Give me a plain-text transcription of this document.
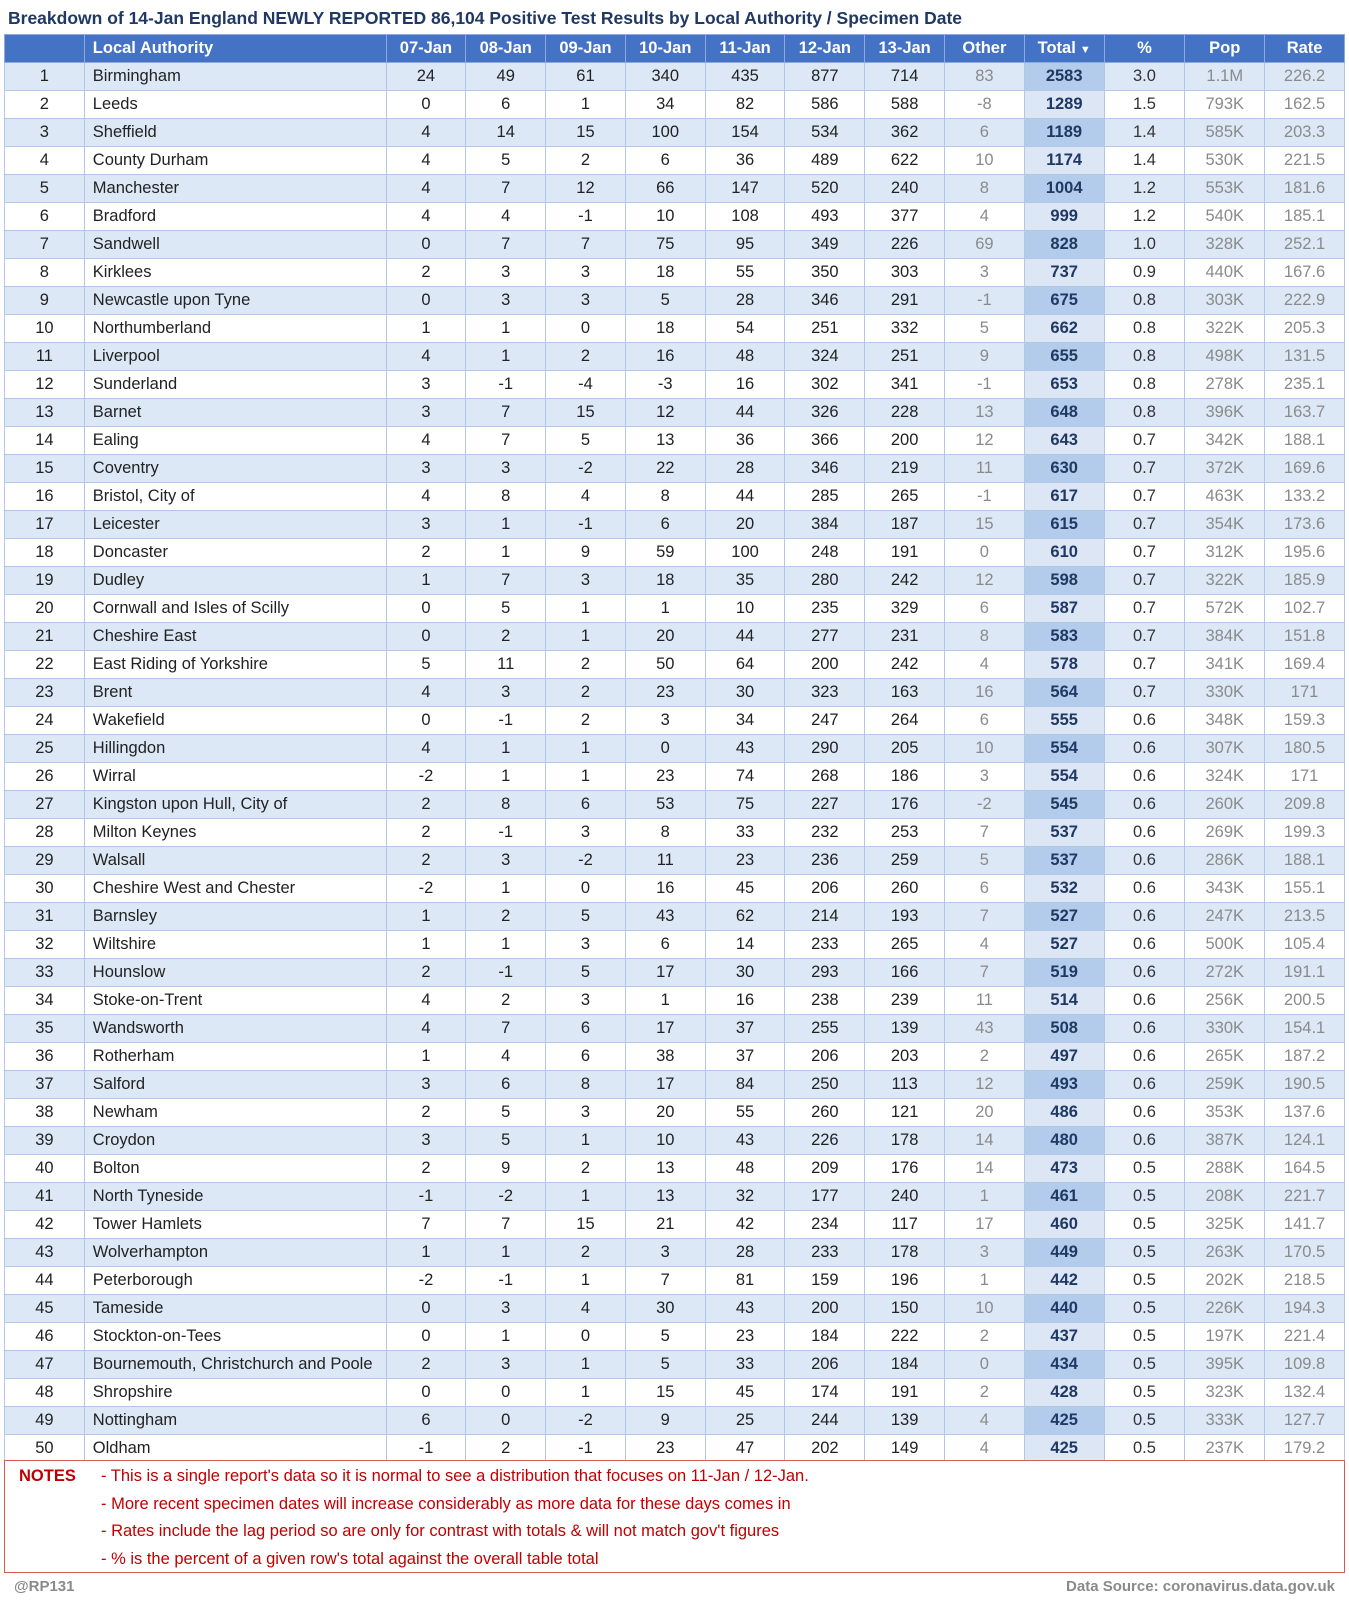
Breakdown of 14-Jan England NEWLY REPORTED 86,104 Positive Test Results by Local Authority / Specimen Date
	Local Authority	07-Jan	08-Jan	09-Jan	10-Jan	11-Jan	12-Jan	13-Jan	Other	Total ▼	%	Pop	Rate
1	Birmingham	24	49	61	340	435	877	714	83	2583	3.0	1.1M	226.2
2	Leeds	0	6	1	34	82	586	588	-8	1289	1.5	793K	162.5
3	Sheffield	4	14	15	100	154	534	362	6	1189	1.4	585K	203.3
4	County Durham	4	5	2	6	36	489	622	10	1174	1.4	530K	221.5
5	Manchester	4	7	12	66	147	520	240	8	1004	1.2	553K	181.6
6	Bradford	4	4	-1	10	108	493	377	4	999	1.2	540K	185.1
7	Sandwell	0	7	7	75	95	349	226	69	828	1.0	328K	252.1
8	Kirklees	2	3	3	18	55	350	303	3	737	0.9	440K	167.6
9	Newcastle upon Tyne	0	3	3	5	28	346	291	-1	675	0.8	303K	222.9
10	Northumberland	1	1	0	18	54	251	332	5	662	0.8	322K	205.3
11	Liverpool	4	1	2	16	48	324	251	9	655	0.8	498K	131.5
12	Sunderland	3	-1	-4	-3	16	302	341	-1	653	0.8	278K	235.1
13	Barnet	3	7	15	12	44	326	228	13	648	0.8	396K	163.7
14	Ealing	4	7	5	13	36	366	200	12	643	0.7	342K	188.1
15	Coventry	3	3	-2	22	28	346	219	11	630	0.7	372K	169.6
16	Bristol, City of	4	8	4	8	44	285	265	-1	617	0.7	463K	133.2
17	Leicester	3	1	-1	6	20	384	187	15	615	0.7	354K	173.6
18	Doncaster	2	1	9	59	100	248	191	0	610	0.7	312K	195.6
19	Dudley	1	7	3	18	35	280	242	12	598	0.7	322K	185.9
20	Cornwall and Isles of Scilly	0	5	1	1	10	235	329	6	587	0.7	572K	102.7
21	Cheshire East	0	2	1	20	44	277	231	8	583	0.7	384K	151.8
22	East Riding of Yorkshire	5	11	2	50	64	200	242	4	578	0.7	341K	169.4
23	Brent	4	3	2	23	30	323	163	16	564	0.7	330K	171
24	Wakefield	0	-1	2	3	34	247	264	6	555	0.6	348K	159.3
25	Hillingdon	4	1	1	0	43	290	205	10	554	0.6	307K	180.5
26	Wirral	-2	1	1	23	74	268	186	3	554	0.6	324K	171
27	Kingston upon Hull, City of	2	8	6	53	75	227	176	-2	545	0.6	260K	209.8
28	Milton Keynes	2	-1	3	8	33	232	253	7	537	0.6	269K	199.3
29	Walsall	2	3	-2	11	23	236	259	5	537	0.6	286K	188.1
30	Cheshire West and Chester	-2	1	0	16	45	206	260	6	532	0.6	343K	155.1
31	Barnsley	1	2	5	43	62	214	193	7	527	0.6	247K	213.5
32	Wiltshire	1	1	3	6	14	233	265	4	527	0.6	500K	105.4
33	Hounslow	2	-1	5	17	30	293	166	7	519	0.6	272K	191.1
34	Stoke-on-Trent	4	2	3	1	16	238	239	11	514	0.6	256K	200.5
35	Wandsworth	4	7	6	17	37	255	139	43	508	0.6	330K	154.1
36	Rotherham	1	4	6	38	37	206	203	2	497	0.6	265K	187.2
37	Salford	3	6	8	17	84	250	113	12	493	0.6	259K	190.5
38	Newham	2	5	3	20	55	260	121	20	486	0.6	353K	137.6
39	Croydon	3	5	1	10	43	226	178	14	480	0.6	387K	124.1
40	Bolton	2	9	2	13	48	209	176	14	473	0.5	288K	164.5
41	North Tyneside	-1	-2	1	13	32	177	240	1	461	0.5	208K	221.7
42	Tower Hamlets	7	7	15	21	42	234	117	17	460	0.5	325K	141.7
43	Wolverhampton	1	1	2	3	28	233	178	3	449	0.5	263K	170.5
44	Peterborough	-2	-1	1	7	81	159	196	1	442	0.5	202K	218.5
45	Tameside	0	3	4	30	43	200	150	10	440	0.5	226K	194.3
46	Stockton-on-Tees	0	1	0	5	23	184	222	2	437	0.5	197K	221.4
47	Bournemouth, Christchurch and Poole	2	3	1	5	33	206	184	0	434	0.5	395K	109.8
48	Shropshire	0	0	1	15	45	174	191	2	428	0.5	323K	132.4
49	Nottingham	6	0	-2	9	25	244	139	4	425	0.5	333K	127.7
50	Oldham	-1	2	-1	23	47	202	149	4	425	0.5	237K	179.2
NOTES - This is a single report's data so it is normal to see a distribution that focuses on 11-Jan / 12-Jan.
- More recent specimen dates will increase considerably as more data for these days comes in
- Rates include the lag period so are only for contrast with totals & will not match gov't figures
- % is the percent of a given row's total against the overall table total
@RP131	Data Source: coronavirus.data.gov.uk
